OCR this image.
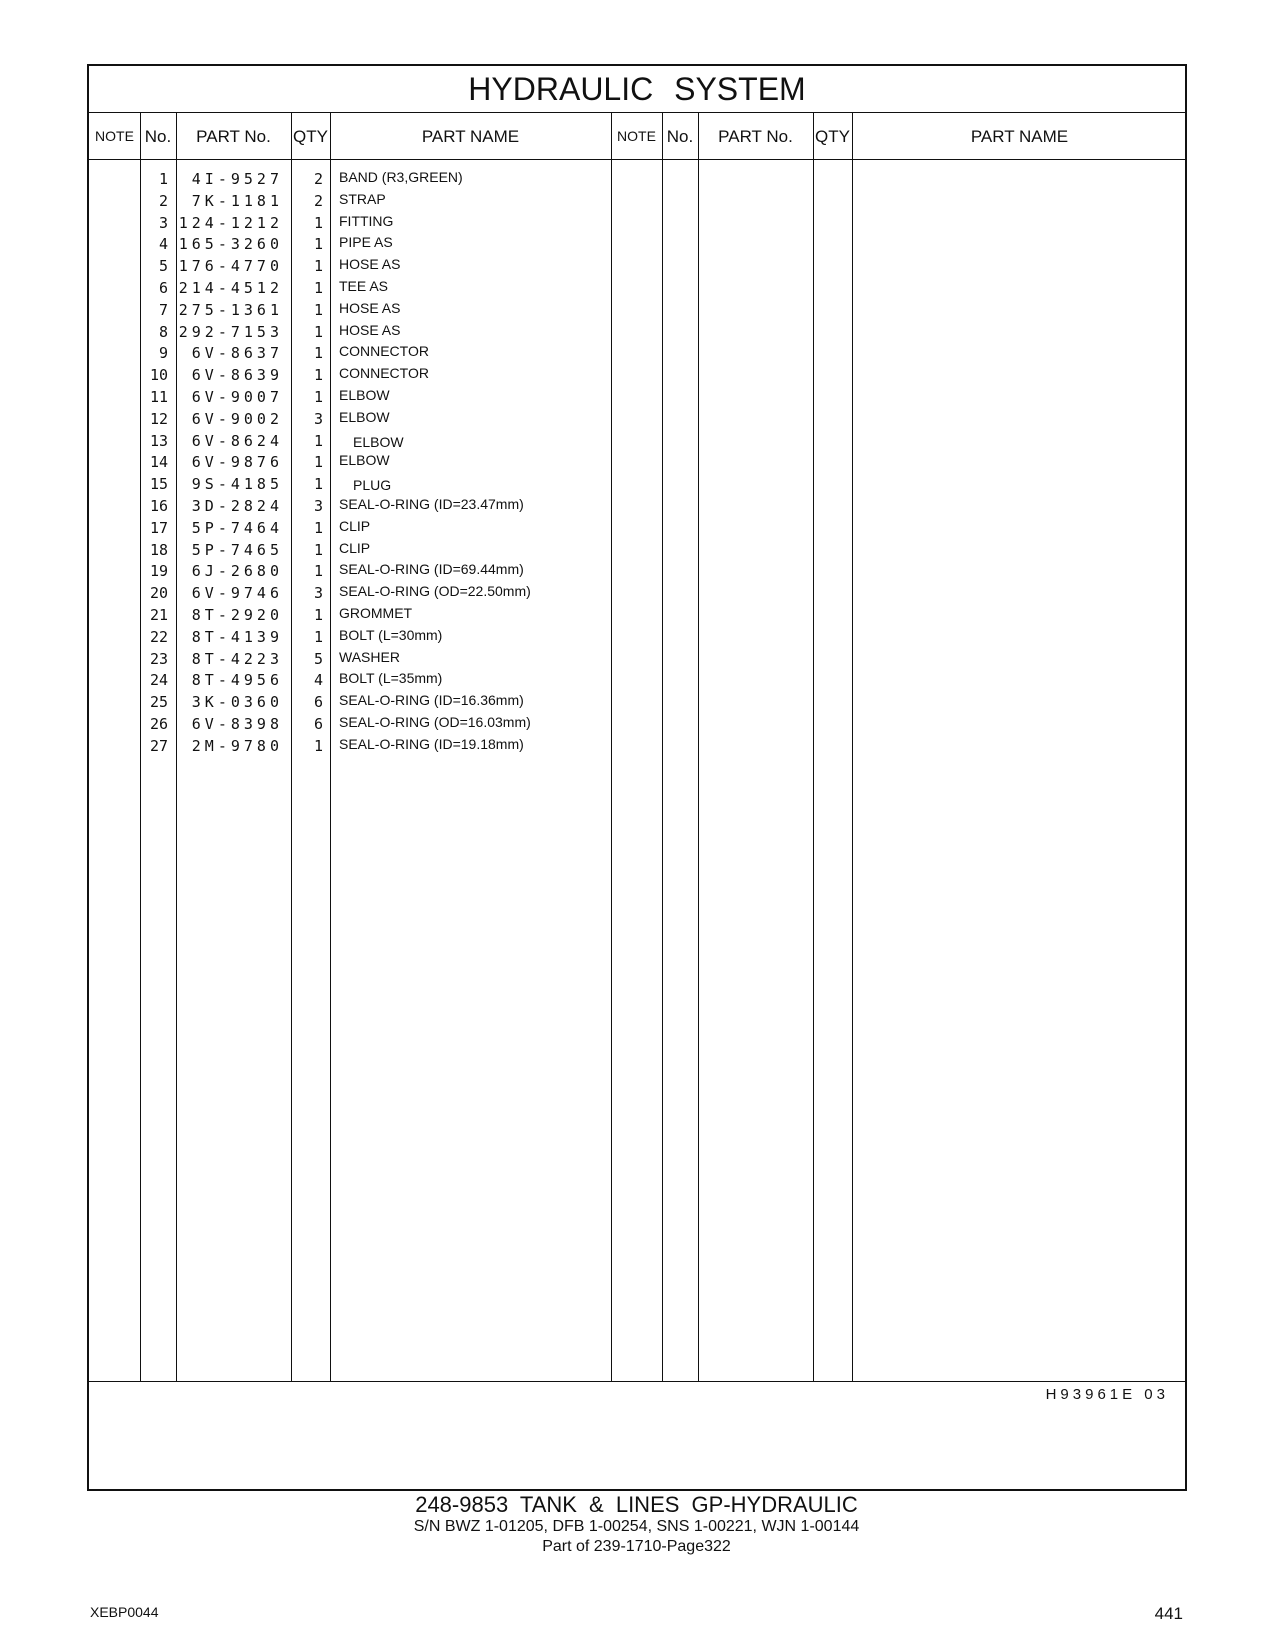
HYDRAULIC SYSTEM
NOTE No.	PART No.	QTY	PART NAME	NOTE No.	PART No.	QTY	PART NAME
1	4I-9527	2 BAND (R3,GREEN)
2	7K-1181	2 STRAP
3 124-1212	1 FITTING
4 165-3260	1 PIPE AS
5 176-4770	1 HOSE AS
6 214-4512	1 TEE AS
7 275-1361	1 HOSE AS
8 292-7153	1 HOSE AS
9	6V-8637	1 CONNECTOR
10	6V-8639	1 CONNECTOR
11	6V-9007	1 ELBOW
12	6V-9002	3 ELBOW
13	6V-8624	1 ELBOW
14	6V-9876	1 ELBOW
15	9S-4185	1 PLUG
16	3D-2824	3 SEAL-O-RING (ID=23.47mm)
17	5P-7464	1 CLIP
18	5P-7465	1 CLIP
19	6J-2680	1 SEAL-O-RING (ID=69.44mm)
20	6V-9746	3 SEAL-O-RING (OD=22.50mm)
21	8T-2920	1 GROMMET
22	8T-4139	1 BOLT (L=30mm)
23	8T-4223	5 WASHER
24	8T-4956	4 BOLT (L=35mm)
25	3K-0360	6 SEAL-O-RING (ID=16.36mm)
26	6V-8398	6 SEAL-O-RING (OD=16.03mm)
27	2M-9780	1 SEAL-O-RING (ID=19.18mm)
H93961E 03
248-9853 TANK & LINES GP-HYDRAULIC
S/N BWZ 1-01205, DFB 1-00254, SNS 1-00221, WJN 1-00144
Part of 239-1710-Page322
XEBP0044	441
